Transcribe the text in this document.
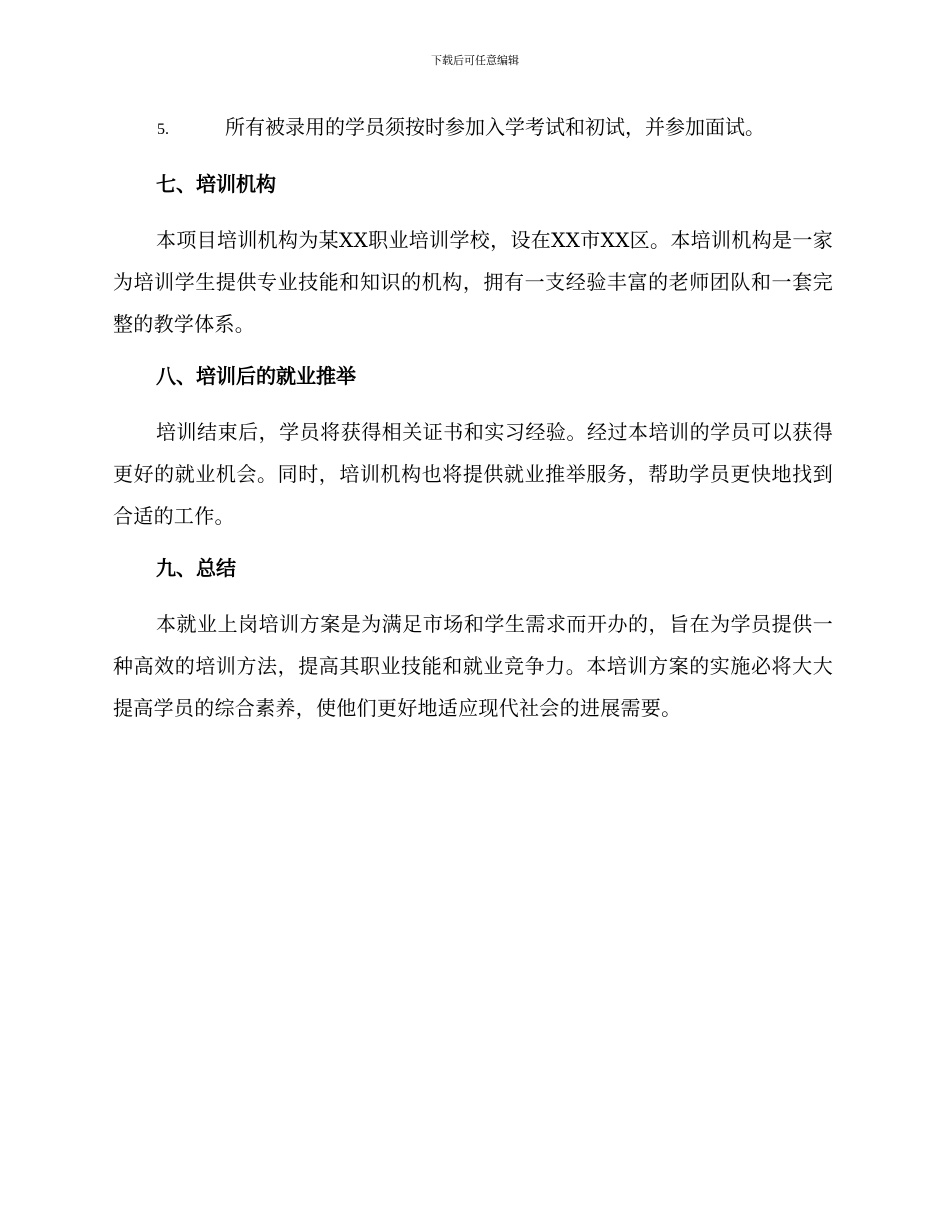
下载后可任意编辑
5.	所有被录用的学员须按时参加入学考试和初试，并参加面试。
七、培训机构

本项目培训机构为某XX职业培训学校，设在XX市XX区。本培训机构是一家为培训学生提供专业技能和知识的机构，拥有一支经验丰富的老师团队和一套完整的教学体系。

八、培训后的就业推举

培训结束后，学员将获得相关证书和实习经验。经过本培训的学员可以获得更好的就业机会。同时，培训机构也将提供就业推举服务，帮助学员更快地找到合适的工作。

九、总结

本就业上岗培训方案是为满足市场和学生需求而开办的，旨在为学员提供一种高效的培训方法，提高其职业技能和就业竞争力。本培训方案的实施必将大大提高学员的综合素养，使他们更好地适应现代社会的进展需要。
